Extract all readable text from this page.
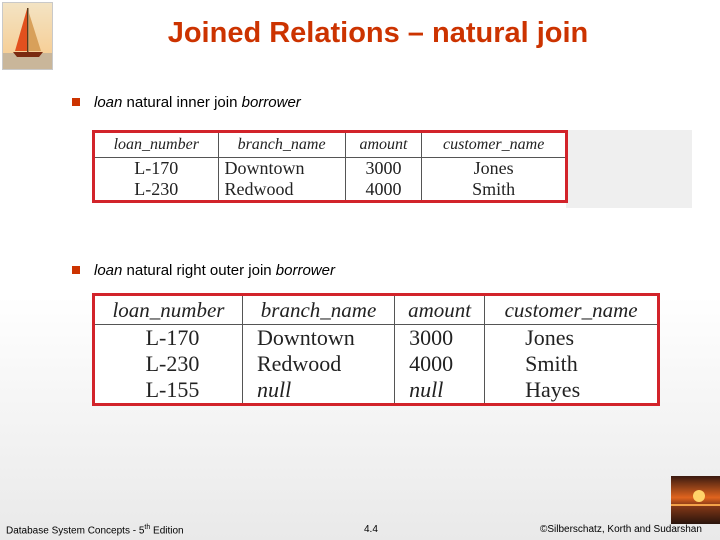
Joined Relations – natural join
loan natural inner join borrower
loan_number	branch_name	amount	customer_name
L-170	Downtown	3000	Jones
L-230	Redwood	4000	Smith
loan natural right outer join borrower
loan_number	branch_name	amount	customer_name
L-170	Downtown	3000	Jones
L-230	Redwood	4000	Smith
L-155	null	null	Hayes
Database System Concepts - 5th Edition	4.4	©Silberschatz, Korth and Sudarshan
